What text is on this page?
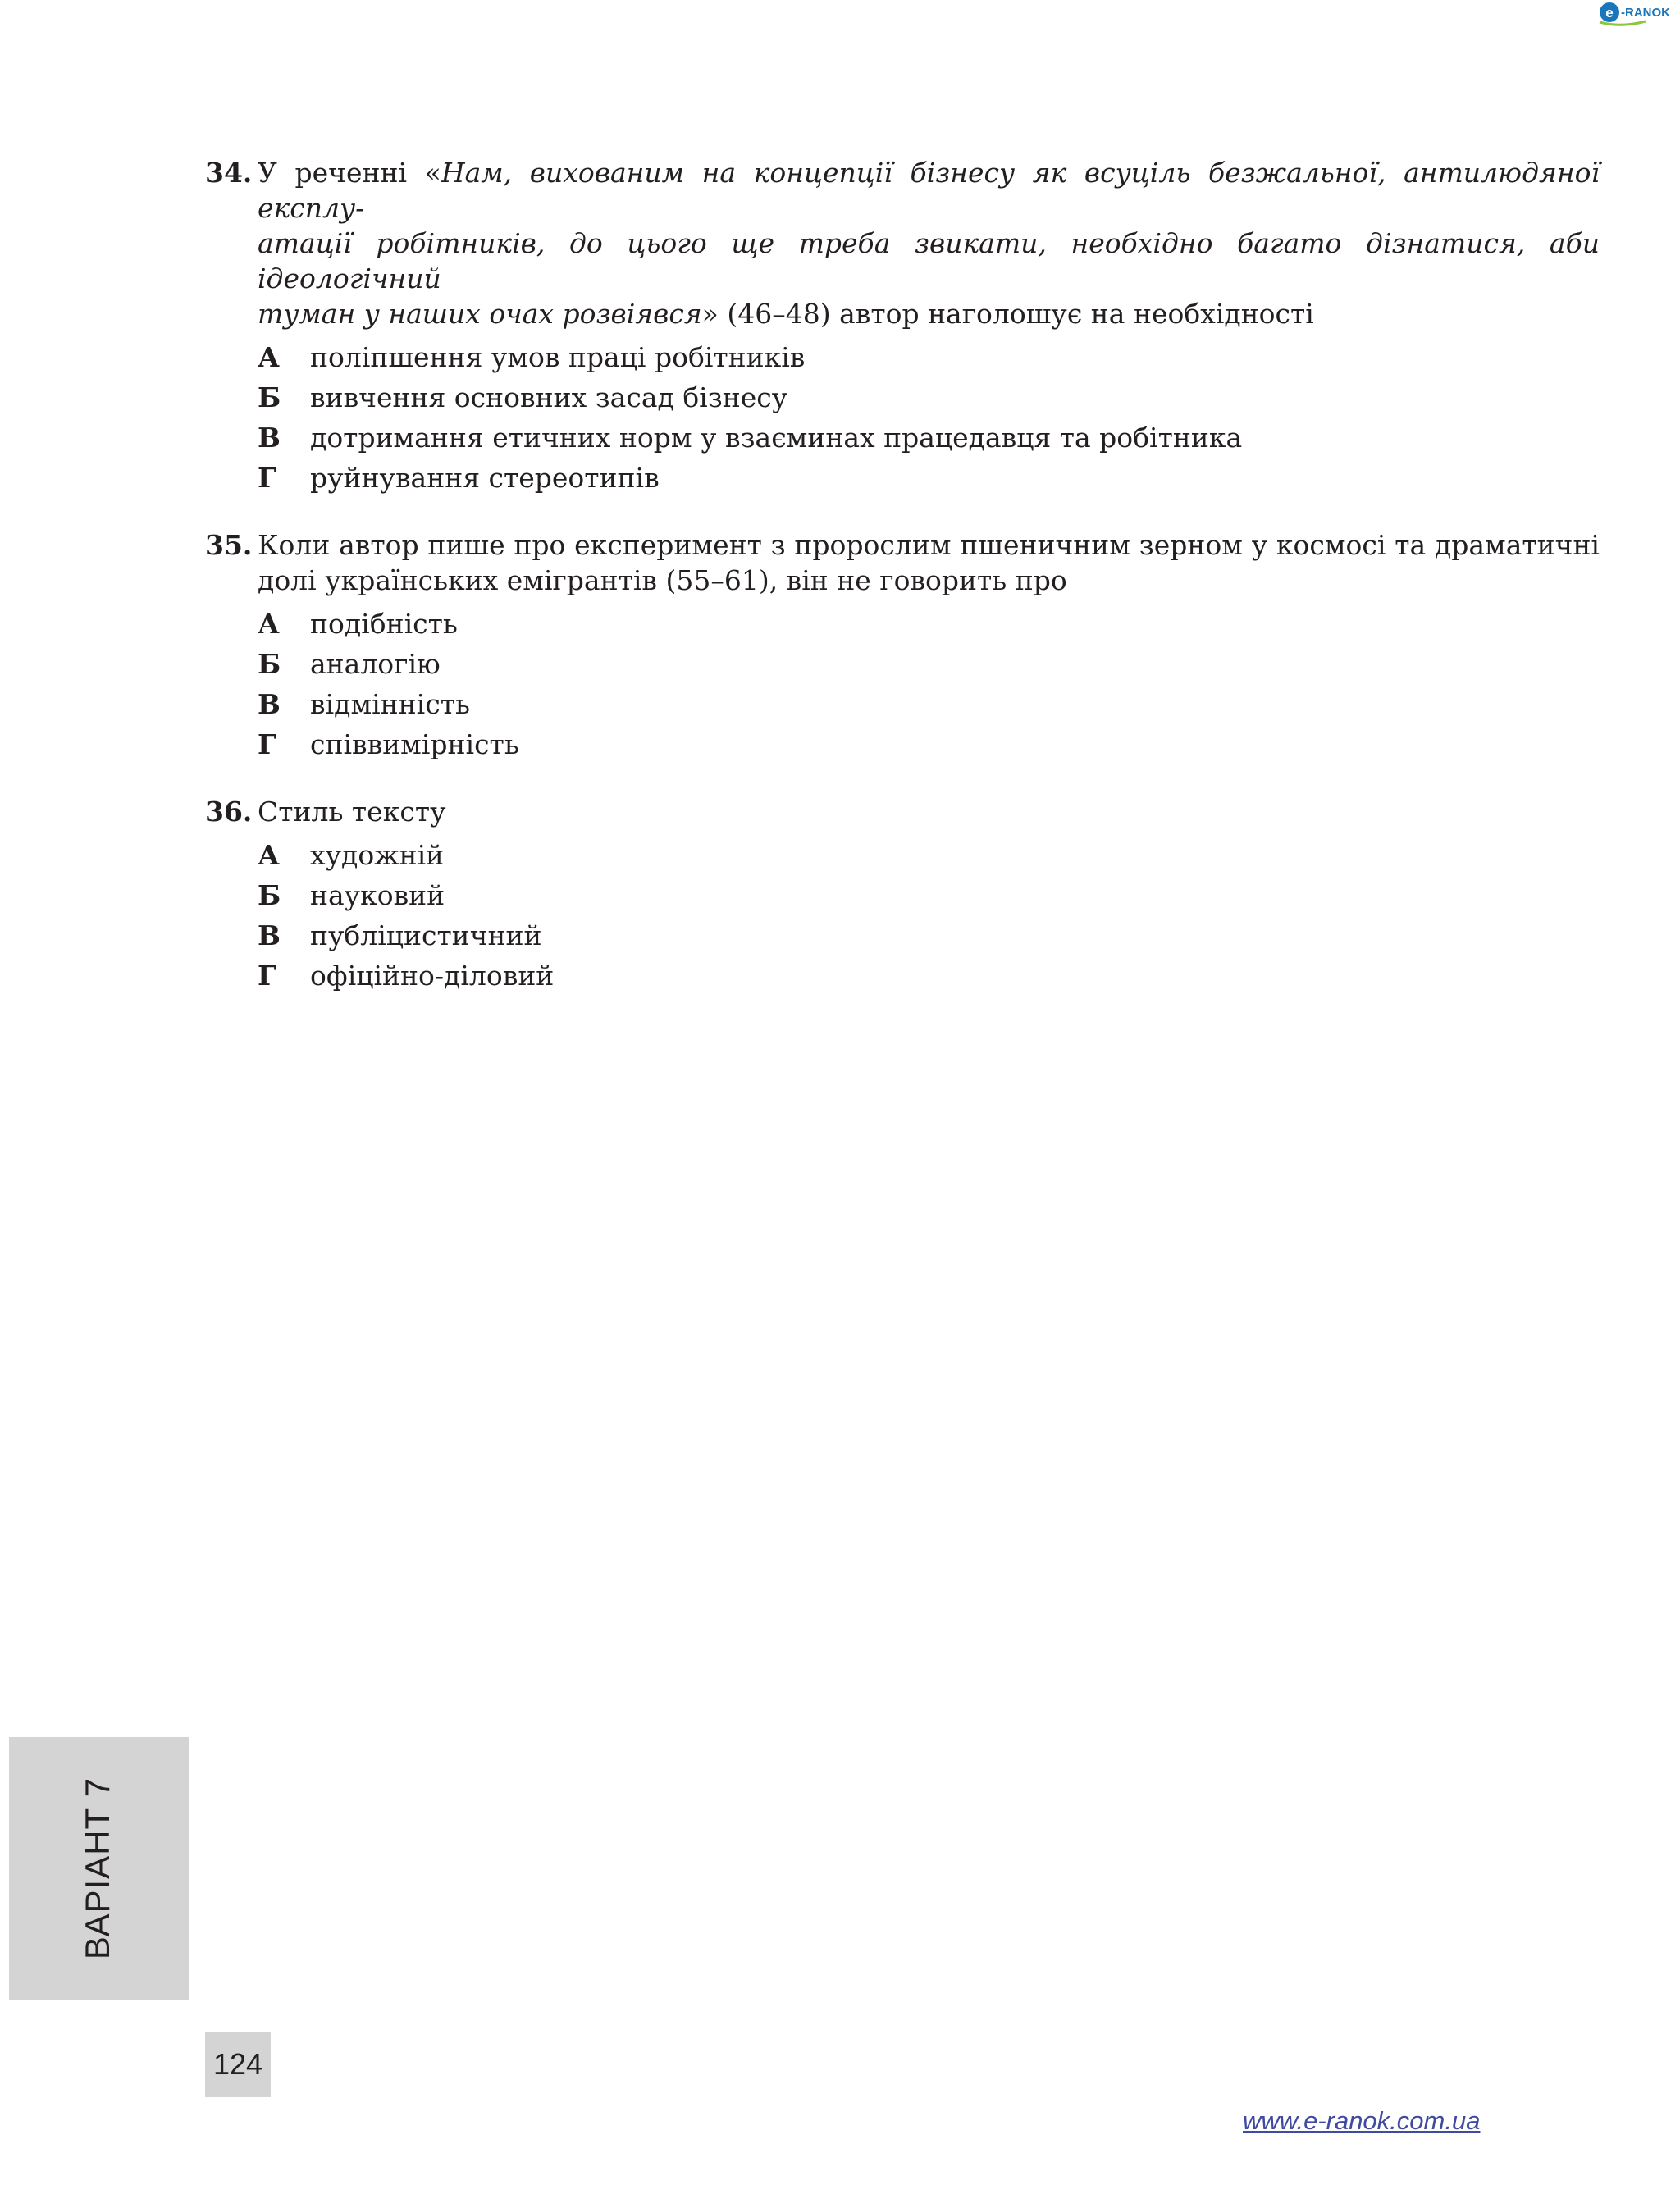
e -RANOK
34. У реченні «Нам, вихованим на концепції бізнесу як всуціль безжальної, антилюдяної експлу-
атації робітників, до цього ще треба звикати, необхідно багато дізнатися, аби ідеологічний
туман у наших очах розвіявся» (46–48) автор наголошує на необхідності
А поліпшення умов праці робітників
Б вивчення основних засад бізнесу
В дотримання етичних норм у взаєминах працедавця та робітника
Г руйнування стереотипів
35. Коли автор пише про експеримент з пророслим пшеничним зерном у космосі та драматичні
долі українських емігрантів (55–61), він не говорить про
А подібність
Б аналогію
В відмінність
Г співвимірність
36. Стиль тексту
А художній
Б науковий
В публіцистичний
Г офіційно-діловий
ВАРІАНТ 7
124
www.e-ranok.com.ua
